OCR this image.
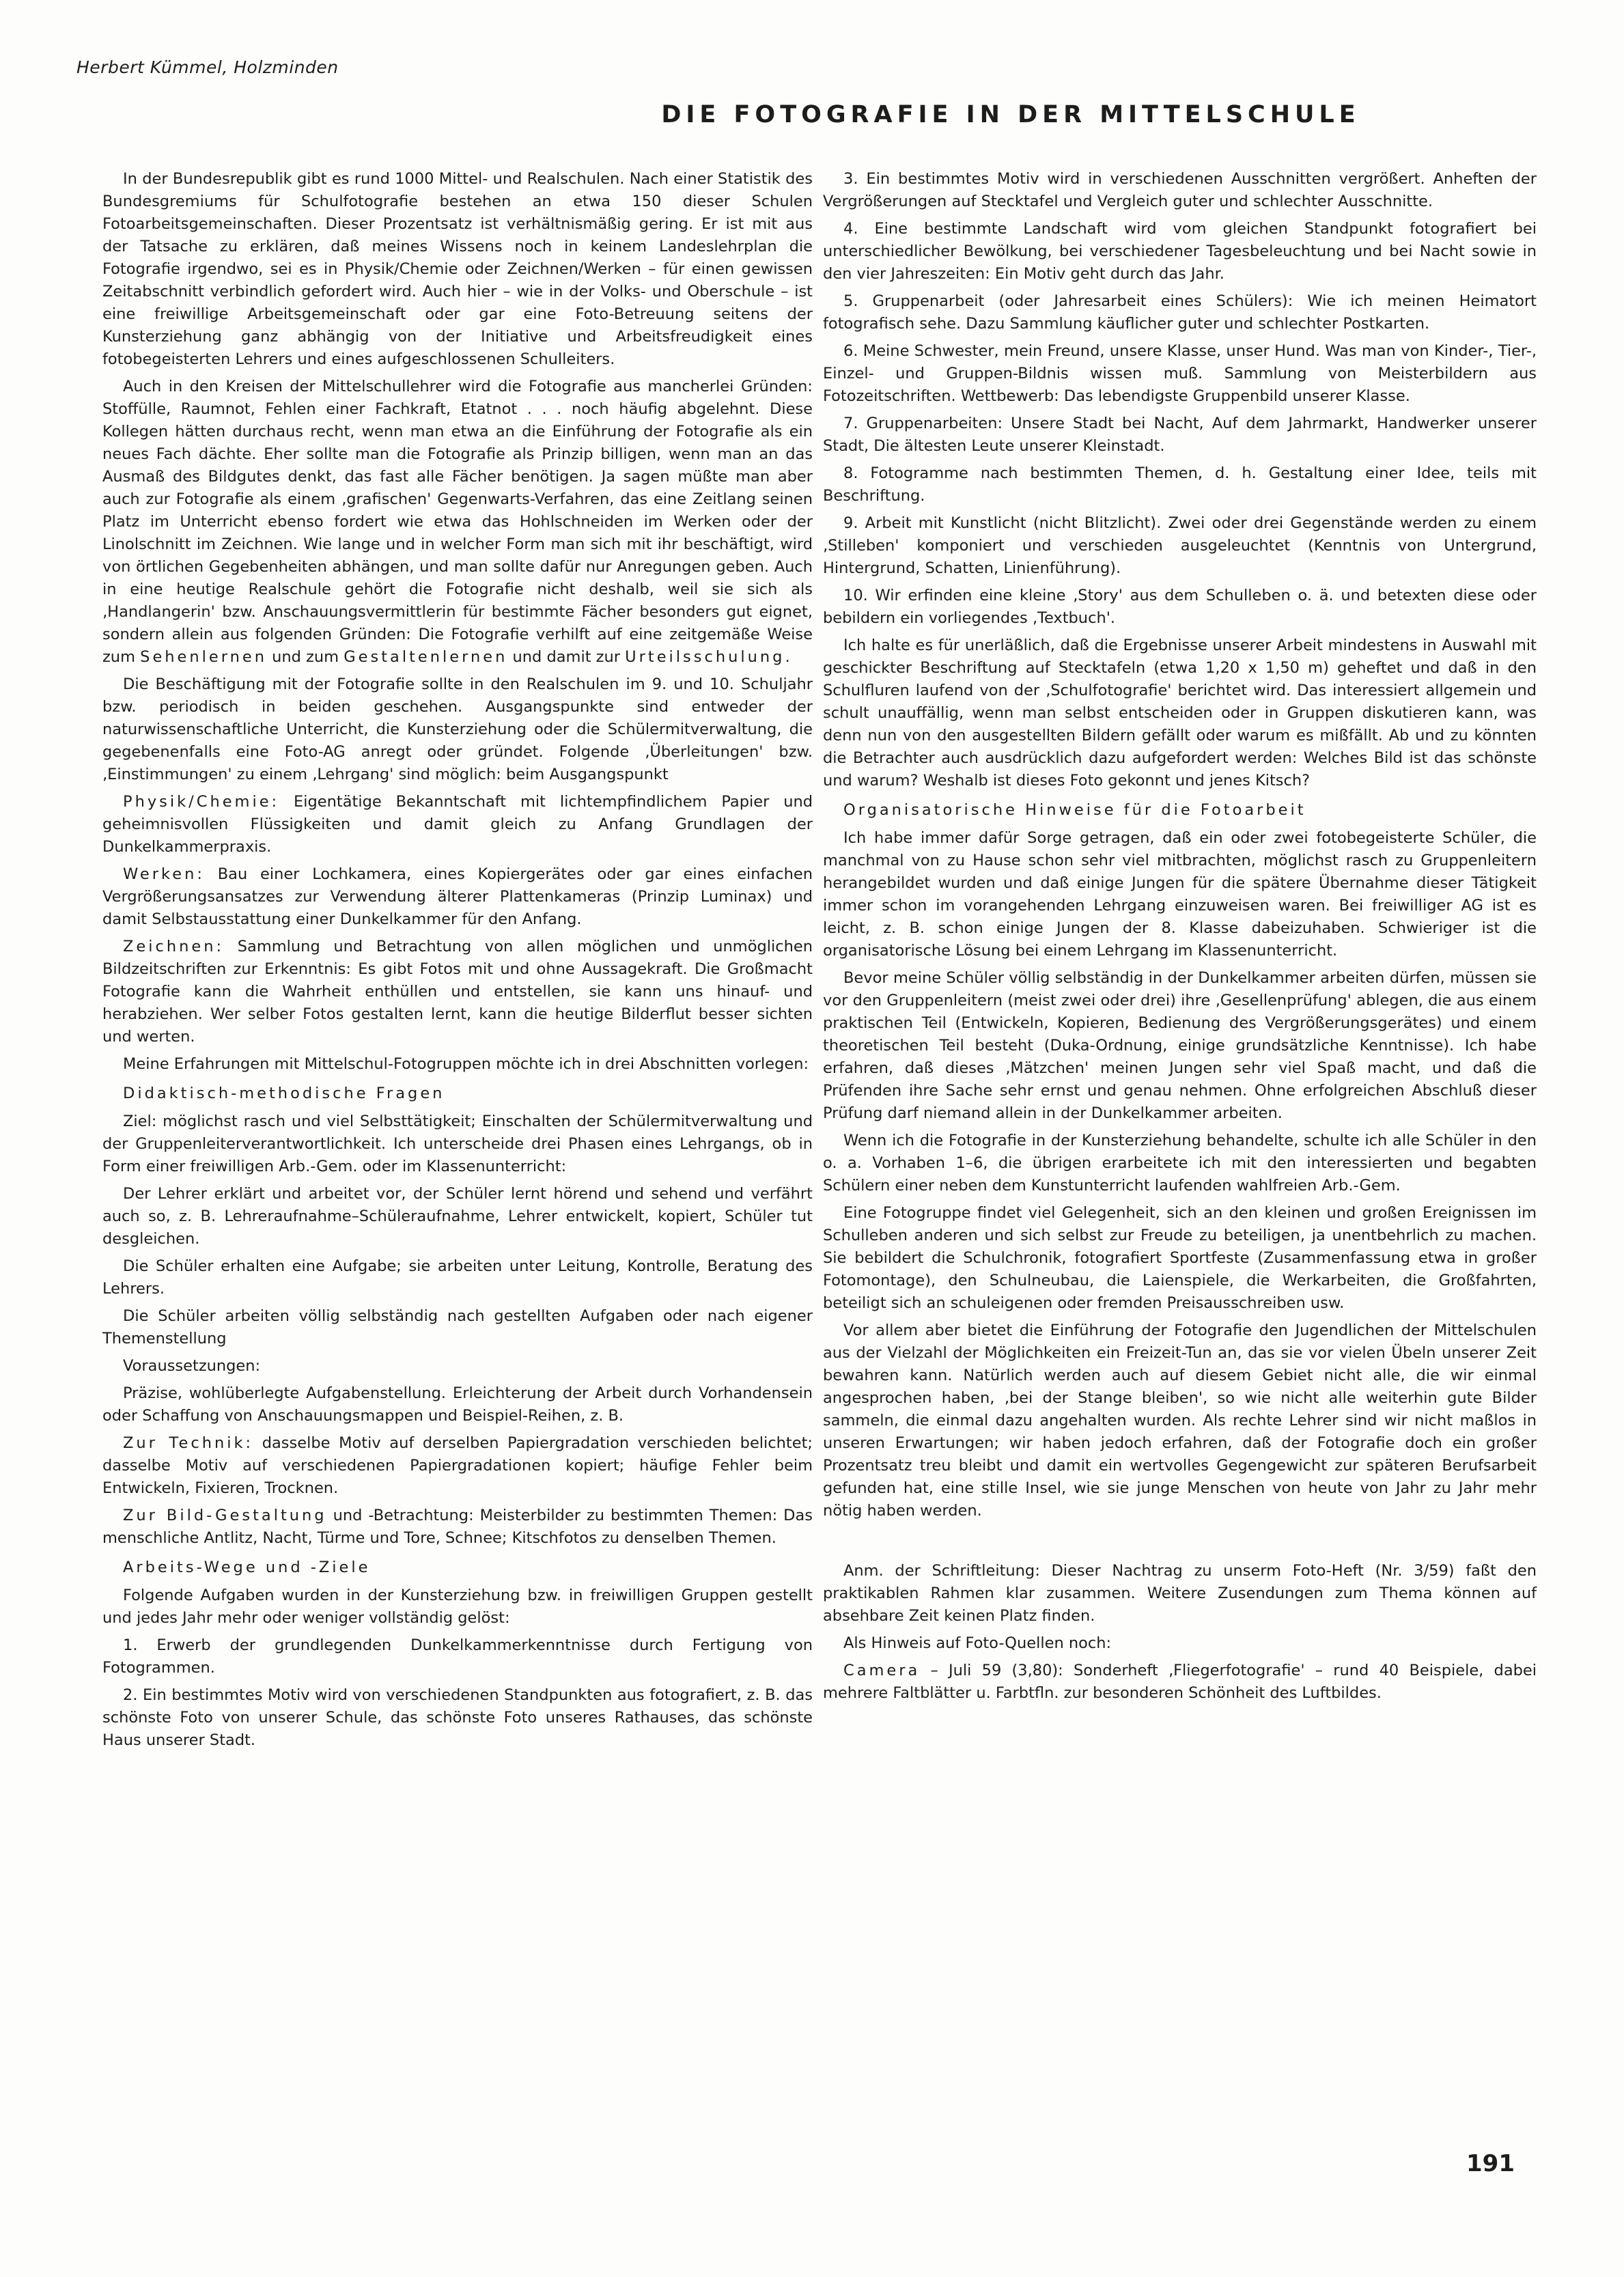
Herbert Kümmel, Holzminden
DIE FOTOGRAFIE IN DER MITTELSCHULE

In der Bundesrepublik gibt es rund 1000 Mittel- und Realschulen. Nach einer Statistik des Bundesgremiums für Schulfotografie bestehen an etwa 150 dieser Schulen Fotoarbeitsgemeinschaften. Dieser Prozentsatz ist verhältnismäßig gering. Er ist mit aus der Tatsache zu erklären, daß meines Wissens noch in keinem Landeslehrplan die Fotografie irgendwo, sei es in Physik/Chemie oder Zeichnen/Werken – für einen gewissen Zeitabschnitt verbindlich gefordert wird. Auch hier – wie in der Volks- und Oberschule – ist eine freiwillige Arbeitsgemeinschaft oder gar eine Foto-Betreuung seitens der Kunsterziehung ganz abhängig von der Initiative und Arbeitsfreudigkeit eines fotobegeisterten Lehrers und eines aufgeschlossenen Schulleiters.

Auch in den Kreisen der Mittelschullehrer wird die Fotografie aus mancherlei Gründen: Stoffülle, Raumnot, Fehlen einer Fachkraft, Etatnot . . . noch häufig abgelehnt. Diese Kollegen hätten durchaus recht, wenn man etwa an die Einführung der Fotografie als ein neues Fach dächte. Eher sollte man die Fotografie als Prinzip billigen, wenn man an das Ausmaß des Bildgutes denkt, das fast alle Fächer benötigen. Ja sagen müßte man aber auch zur Fotografie als einem ‚grafischen' Gegenwarts-Verfahren, das eine Zeitlang seinen Platz im Unterricht ebenso fordert wie etwa das Hohlschneiden im Werken oder der Linolschnitt im Zeichnen. Wie lange und in welcher Form man sich mit ihr beschäftigt, wird von örtlichen Gegebenheiten abhängen, und man sollte dafür nur Anregungen geben. Auch in eine heutige Realschule gehört die Fotografie nicht deshalb, weil sie sich als ‚Handlangerin' bzw. Anschauungsvermittlerin für bestimmte Fächer besonders gut eignet, sondern allein aus folgenden Gründen: Die Fotografie verhilft auf eine zeitgemäße Weise zum Sehenlernen und zum Gestaltenlernen und damit zur Urteilsschulung.

Die Beschäftigung mit der Fotografie sollte in den Realschulen im 9. und 10. Schuljahr bzw. periodisch in beiden geschehen. Ausgangspunkte sind entweder der naturwissenschaftliche Unterricht, die Kunsterziehung oder die Schülermitverwaltung, die gegebenenfalls eine Foto-AG anregt oder gründet. Folgende ‚Überleitungen' bzw. ‚Einstimmungen' zu einem ‚Lehrgang' sind möglich: beim Ausgangspunkt

Physik/Chemie: Eigentätige Bekanntschaft mit lichtempfindlichem Papier und geheimnisvollen Flüssigkeiten und damit gleich zu Anfang Grundlagen der Dunkelkammerpraxis.

Werken: Bau einer Lochkamera, eines Kopiergerätes oder gar eines einfachen Vergrößerungsansatzes zur Verwendung älterer Plattenkameras (Prinzip Luminax) und damit Selbstausstattung einer Dunkelkammer für den Anfang.

Zeichnen: Sammlung und Betrachtung von allen möglichen und unmöglichen Bildzeitschriften zur Erkenntnis: Es gibt Fotos mit und ohne Aussagekraft. Die Großmacht Fotografie kann die Wahrheit enthüllen und entstellen, sie kann uns hinauf- und herabziehen. Wer selber Fotos gestalten lernt, kann die heutige Bilderflut besser sichten und werten.

Meine Erfahrungen mit Mittelschul-Fotogruppen möchte ich in drei Abschnitten vorlegen:

Didaktisch-methodische Fragen

Ziel: möglichst rasch und viel Selbsttätigkeit; Einschalten der Schülermitverwaltung und der Gruppenleiterverantwortlichkeit. Ich unterscheide drei Phasen eines Lehrgangs, ob in Form einer freiwilligen Arb.-Gem. oder im Klassenunterricht:

Der Lehrer erklärt und arbeitet vor, der Schüler lernt hörend und sehend und verfährt auch so, z. B. Lehreraufnahme–Schüleraufnahme, Lehrer entwickelt, kopiert, Schüler tut desgleichen.

Die Schüler erhalten eine Aufgabe; sie arbeiten unter Leitung, Kontrolle, Beratung des Lehrers.

Die Schüler arbeiten völlig selbständig nach gestellten Aufgaben oder nach eigener Themenstellung

Voraussetzungen:

Präzise, wohlüberlegte Aufgabenstellung. Erleichterung der Arbeit durch Vorhandensein oder Schaffung von Anschauungsmappen und Beispiel-Reihen, z. B.

Zur Technik: dasselbe Motiv auf derselben Papiergradation verschieden belichtet; dasselbe Motiv auf verschiedenen Papiergradationen kopiert; häufige Fehler beim Entwickeln, Fixieren, Trocknen.

Zur Bild-Gestaltung und -Betrachtung: Meisterbilder zu bestimmten Themen: Das menschliche Antlitz, Nacht, Türme und Tore, Schnee; Kitschfotos zu denselben Themen.

Arbeits-Wege und -Ziele

Folgende Aufgaben wurden in der Kunsterziehung bzw. in freiwilligen Gruppen gestellt und jedes Jahr mehr oder weniger vollständig gelöst:

1. Erwerb der grundlegenden Dunkelkammerkenntnisse durch Fertigung von Fotogrammen.

2. Ein bestimmtes Motiv wird von verschiedenen Standpunkten aus fotografiert, z. B. das schönste Foto von unserer Schule, das schönste Foto unseres Rathauses, das schönste Haus unserer Stadt.

3. Ein bestimmtes Motiv wird in verschiedenen Ausschnitten vergrößert. Anheften der Vergrößerungen auf Stecktafel und Vergleich guter und schlechter Ausschnitte.

4. Eine bestimmte Landschaft wird vom gleichen Standpunkt fotografiert bei unterschiedlicher Bewölkung, bei verschiedener Tagesbeleuchtung und bei Nacht sowie in den vier Jahreszeiten: Ein Motiv geht durch das Jahr.

5. Gruppenarbeit (oder Jahresarbeit eines Schülers): Wie ich meinen Heimatort fotografisch sehe. Dazu Sammlung käuflicher guter und schlechter Postkarten.

6. Meine Schwester, mein Freund, unsere Klasse, unser Hund. Was man von Kinder-, Tier-, Einzel- und Gruppen-Bildnis wissen muß. Sammlung von Meisterbildern aus Fotozeitschriften. Wettbewerb: Das lebendigste Gruppenbild unserer Klasse.

7. Gruppenarbeiten: Unsere Stadt bei Nacht, Auf dem Jahrmarkt, Handwerker unserer Stadt, Die ältesten Leute unserer Kleinstadt.

8. Fotogramme nach bestimmten Themen, d. h. Gestaltung einer Idee, teils mit Beschriftung.

9. Arbeit mit Kunstlicht (nicht Blitzlicht). Zwei oder drei Gegenstände werden zu einem ‚Stilleben' komponiert und verschieden ausgeleuchtet (Kenntnis von Untergrund, Hintergrund, Schatten, Linienführung).

10. Wir erfinden eine kleine ‚Story' aus dem Schulleben o. ä. und betexten diese oder bebildern ein vorliegendes ‚Textbuch'.

Ich halte es für unerläßlich, daß die Ergebnisse unserer Arbeit mindestens in Auswahl mit geschickter Beschriftung auf Stecktafeln (etwa 1,20 x 1,50 m) geheftet und daß in den Schulfluren laufend von der ‚Schulfotografie' berichtet wird. Das interessiert allgemein und schult unauffällig, wenn man selbst entscheiden oder in Gruppen diskutieren kann, was denn nun von den ausgestellten Bildern gefällt oder warum es mißfällt. Ab und zu könnten die Betrachter auch ausdrücklich dazu aufgefordert werden: Welches Bild ist das schönste und warum? Weshalb ist dieses Foto gekonnt und jenes Kitsch?

Organisatorische Hinweise für die Fotoarbeit

Ich habe immer dafür Sorge getragen, daß ein oder zwei fotobegeisterte Schüler, die manchmal von zu Hause schon sehr viel mitbrachten, möglichst rasch zu Gruppenleitern herangebildet wurden und daß einige Jungen für die spätere Übernahme dieser Tätigkeit immer schon im vorangehenden Lehrgang einzuweisen waren. Bei freiwilliger AG ist es leicht, z. B. schon einige Jungen der 8. Klasse dabeizuhaben. Schwieriger ist die organisatorische Lösung bei einem Lehrgang im Klassenunterricht.

Bevor meine Schüler völlig selbständig in der Dunkelkammer arbeiten dürfen, müssen sie vor den Gruppenleitern (meist zwei oder drei) ihre ‚Gesellenprüfung' ablegen, die aus einem praktischen Teil (Entwickeln, Kopieren, Bedienung des Vergrößerungsgerätes) und einem theoretischen Teil besteht (Duka-Ordnung, einige grundsätzliche Kenntnisse). Ich habe erfahren, daß dieses ‚Mätzchen' meinen Jungen sehr viel Spaß macht, und daß die Prüfenden ihre Sache sehr ernst und genau nehmen. Ohne erfolgreichen Abschluß dieser Prüfung darf niemand allein in der Dunkelkammer arbeiten.

Wenn ich die Fotografie in der Kunsterziehung behandelte, schulte ich alle Schüler in den o. a. Vorhaben 1–6, die übrigen erarbeitete ich mit den interessierten und begabten Schülern einer neben dem Kunstunterricht laufenden wahlfreien Arb.-Gem.

Eine Fotogruppe findet viel Gelegenheit, sich an den kleinen und großen Ereignissen im Schulleben anderen und sich selbst zur Freude zu beteiligen, ja unentbehrlich zu machen. Sie bebildert die Schulchronik, fotografiert Sportfeste (Zusammenfassung etwa in großer Fotomontage), den Schulneubau, die Laienspiele, die Werkarbeiten, die Großfahrten, beteiligt sich an schuleigenen oder fremden Preisausschreiben usw.

Vor allem aber bietet die Einführung der Fotografie den Jugendlichen der Mittelschulen aus der Vielzahl der Möglichkeiten ein Freizeit-Tun an, das sie vor vielen Übeln unserer Zeit bewahren kann. Natürlich werden auch auf diesem Gebiet nicht alle, die wir einmal angesprochen haben, ‚bei der Stange bleiben', so wie nicht alle weiterhin gute Bilder sammeln, die einmal dazu angehalten wurden. Als rechte Lehrer sind wir nicht maßlos in unseren Erwartungen; wir haben jedoch erfahren, daß der Fotografie doch ein großer Prozentsatz treu bleibt und damit ein wertvolles Gegengewicht zur späteren Berufsarbeit gefunden hat, eine stille Insel, wie sie junge Menschen von heute von Jahr zu Jahr mehr nötig haben werden.

Anm. der Schriftleitung: Dieser Nachtrag zu unserm Foto-Heft (Nr. 3/59) faßt den praktikablen Rahmen klar zusammen. Weitere Zusendungen zum Thema können auf absehbare Zeit keinen Platz finden.

Als Hinweis auf Foto-Quellen noch:

Camera – Juli 59 (3,80): Sonderheft ‚Fliegerfotografie' – rund 40 Beispiele, dabei mehrere Faltblätter u. Farbtfln. zur besonderen Schönheit des Luftbildes.

191
